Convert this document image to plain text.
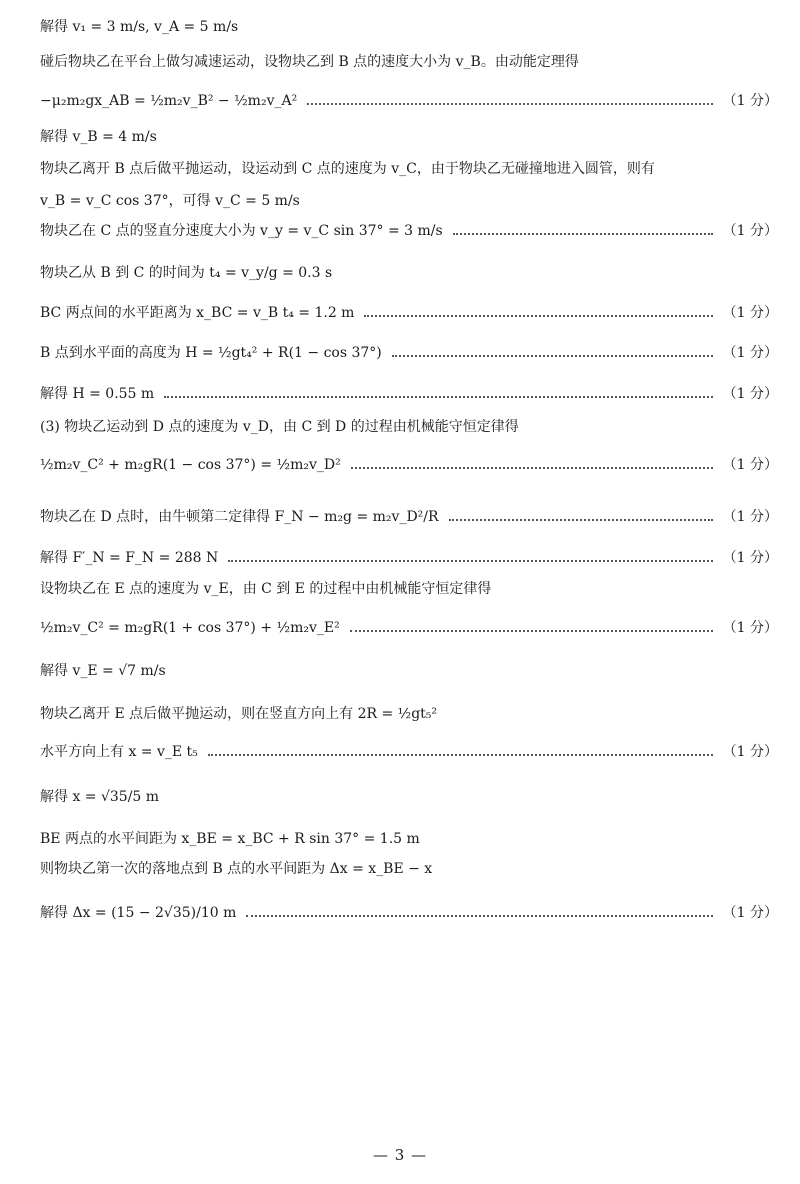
解得 v₁ = 3 m/s, v_A = 5 m/s
碰后物块乙在平台上做匀减速运动，设物块乙到 B 点的速度大小为 v_B。由动能定理得
−μ₂m₂gx_AB = ½m₂v_B² − ½m₂v_A²	（1 分）
解得 v_B = 4 m/s
物块乙离开 B 点后做平抛运动，设运动到 C 点的速度为 v_C，由于物块乙无碰撞地进入圆管，则有
v_B = v_C cos 37°，可得 v_C = 5 m/s
物块乙在 C 点的竖直分速度大小为 v_y = v_C sin 37° = 3 m/s	（1 分）
物块乙从 B 到 C 的时间为 t₄ = v_y/g = 0.3 s
BC 两点间的水平距离为 x_BC = v_B t₄ = 1.2 m	（1 分）
B 点到水平面的高度为 H = ½gt₄² + R(1 − cos 37°)	（1 分）
解得 H = 0.55 m	（1 分）
(3) 物块乙运动到 D 点的速度为 v_D，由 C 到 D 的过程由机械能守恒定律得
½m₂v_C² + m₂gR(1 − cos 37°) = ½m₂v_D²	（1 分）
物块乙在 D 点时，由牛顿第二定律得 F_N − m₂g = m₂v_D²/R	（1 分）
解得 F′_N = F_N = 288 N	（1 分）
设物块乙在 E 点的速度为 v_E，由 C 到 E 的过程中由机械能守恒定律得
½m₂v_C² = m₂gR(1 + cos 37°) + ½m₂v_E²	（1 分）
解得 v_E = √7 m/s
物块乙离开 E 点后做平抛运动，则在竖直方向上有 2R = ½gt₅²
水平方向上有 x = v_E t₅	（1 分）
解得 x = √35/5 m
BE 两点的水平间距为 x_BE = x_BC + R sin 37° = 1.5 m
则物块乙第一次的落地点到 B 点的水平间距为 Δx = x_BE − x
解得 Δx = (15 − 2√35)/10 m	（1 分）
— 3 —
